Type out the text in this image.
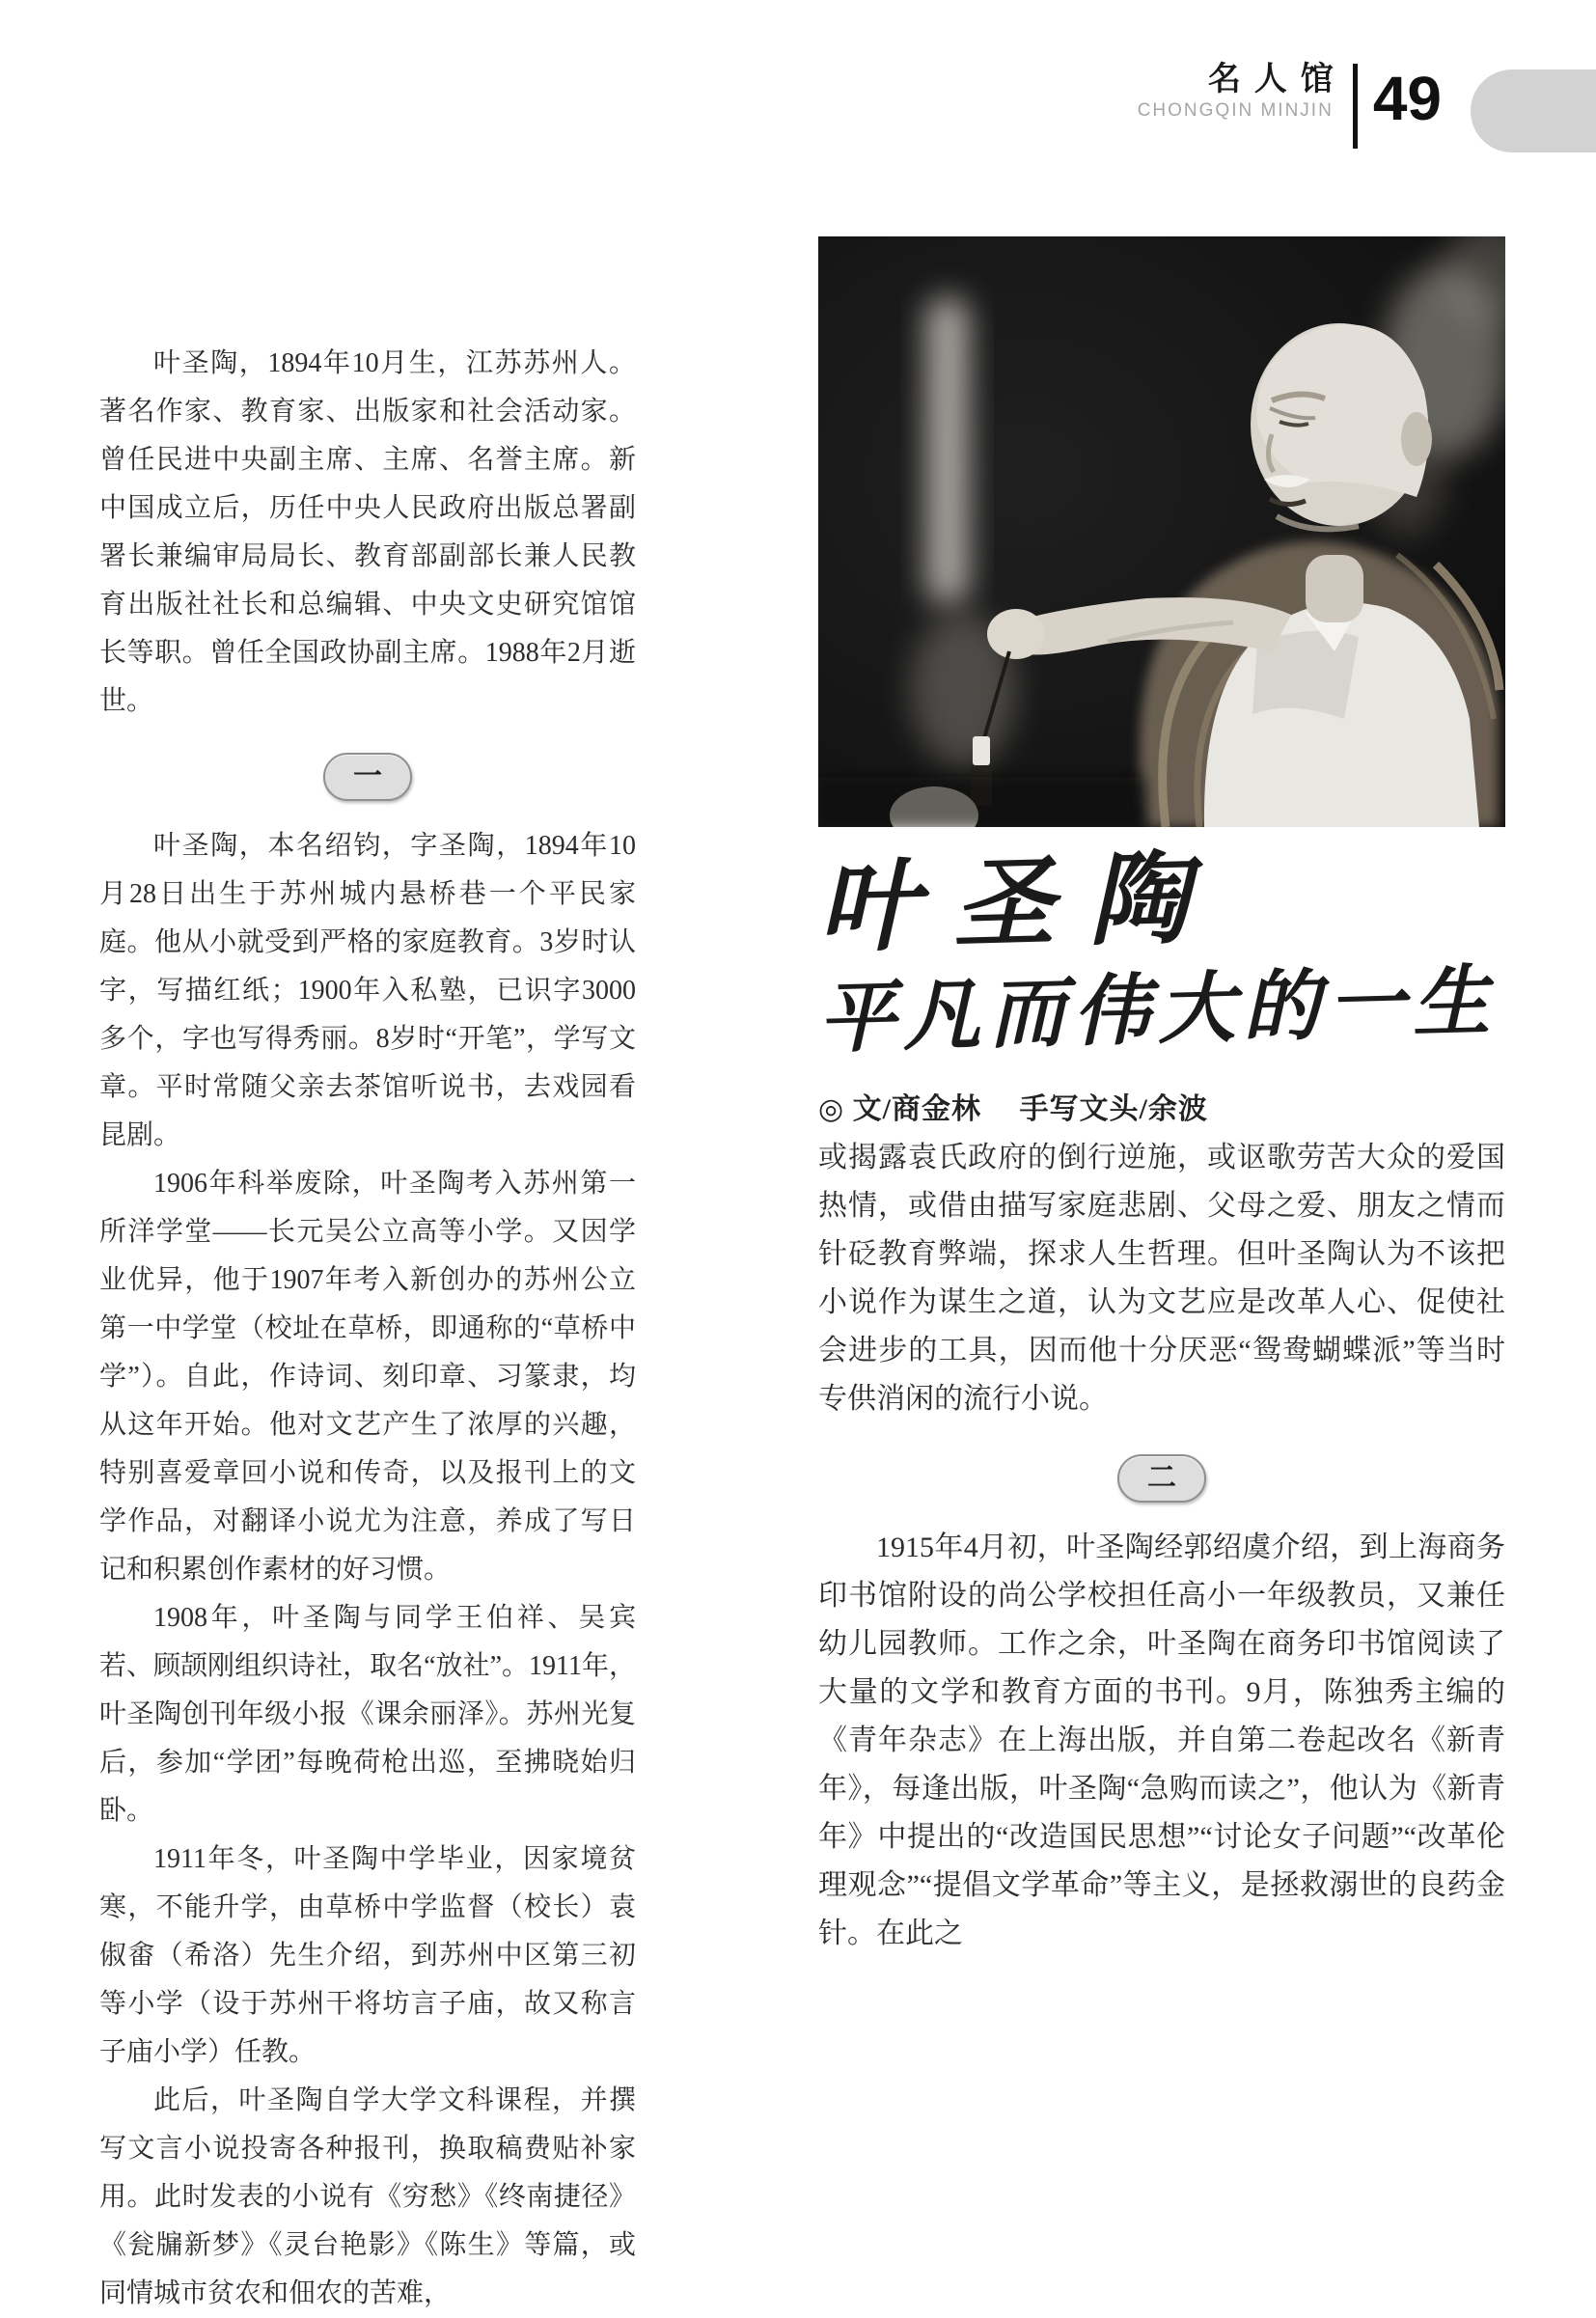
名人馆
CHONGQIN MINJIN 49

叶圣陶，1894年10月生，江苏苏州人。著名作家、教育家、出版家和社会活动家。曾任民进中央副主席、主席、名誉主席。新中国成立后，历任中央人民政府出版总署副署长兼编审局局长、教育部副部长兼人民教育出版社社长和总编辑、中央文史研究馆馆长等职。曾任全国政协副主席。1988年2月逝世。

一

叶圣陶，本名绍钧，字圣陶，1894年10月28日出生于苏州城内悬桥巷一个平民家庭。他从小就受到严格的家庭教育。3岁时认字，写描红纸；1900年入私塾，已识字3000多个，字也写得秀丽。8岁时“开笔”，学写文章。平时常随父亲去茶馆听说书，去戏园看昆剧。

1906年科举废除，叶圣陶考入苏州第一所洋学堂——长元吴公立高等小学。又因学业优异，他于1907年考入新创办的苏州公立第一中学堂（校址在草桥，即通称的“草桥中学”）。自此，作诗词、刻印章、习篆隶，均从这年开始。他对文艺产生了浓厚的兴趣，特别喜爱章回小说和传奇，以及报刊上的文学作品，对翻译小说尤为注意，养成了写日记和积累创作素材的好习惯。

1908年，叶圣陶与同学王伯祥、吴宾若、顾颉刚组织诗社，取名“放社”。1911年，叶圣陶创刊年级小报《课余丽泽》。苏州光复后，参加“学团”每晚荷枪出巡，至拂晓始归卧。

1911年冬，叶圣陶中学毕业，因家境贫寒，不能升学，由草桥中学监督（校长）袁俶畬（希洛）先生介绍，到苏州中区第三初等小学（设于苏州干将坊言子庙，故又称言子庙小学）任教。

此后，叶圣陶自学大学文科课程，并撰写文言小说投寄各种报刊，换取稿费贴补家用。此时发表的小说有《穷愁》《终南捷径》《瓮牖新梦》《灵台艳影》《陈生》等篇，或同情城市贫农和佃农的苦难，

叶圣陶
平凡而伟大的一生
◎ 文/商金林　 手写文头/余波

或揭露袁氏政府的倒行逆施，或讴歌劳苦大众的爱国热情，或借由描写家庭悲剧、父母之爱、朋友之情而针砭教育弊端，探求人生哲理。但叶圣陶认为不该把小说作为谋生之道，认为文艺应是改革人心、促使社会进步的工具，因而他十分厌恶“鸳鸯蝴蝶派”等当时专供消闲的流行小说。

二

1915年4月初，叶圣陶经郭绍虞介绍，到上海商务印书馆附设的尚公学校担任高小一年级教员，又兼任幼儿园教师。工作之余，叶圣陶在商务印书馆阅读了大量的文学和教育方面的书刊。9月，陈独秀主编的《青年杂志》在上海出版，并自第二卷起改名《新青年》，每逢出版，叶圣陶“急购而读之”，他认为《新青年》中提出的“改造国民思想”“讨论女子问题”“改革伦理观念”“提倡文学革命”等主义，是拯救溺世的良药金针。在此之
